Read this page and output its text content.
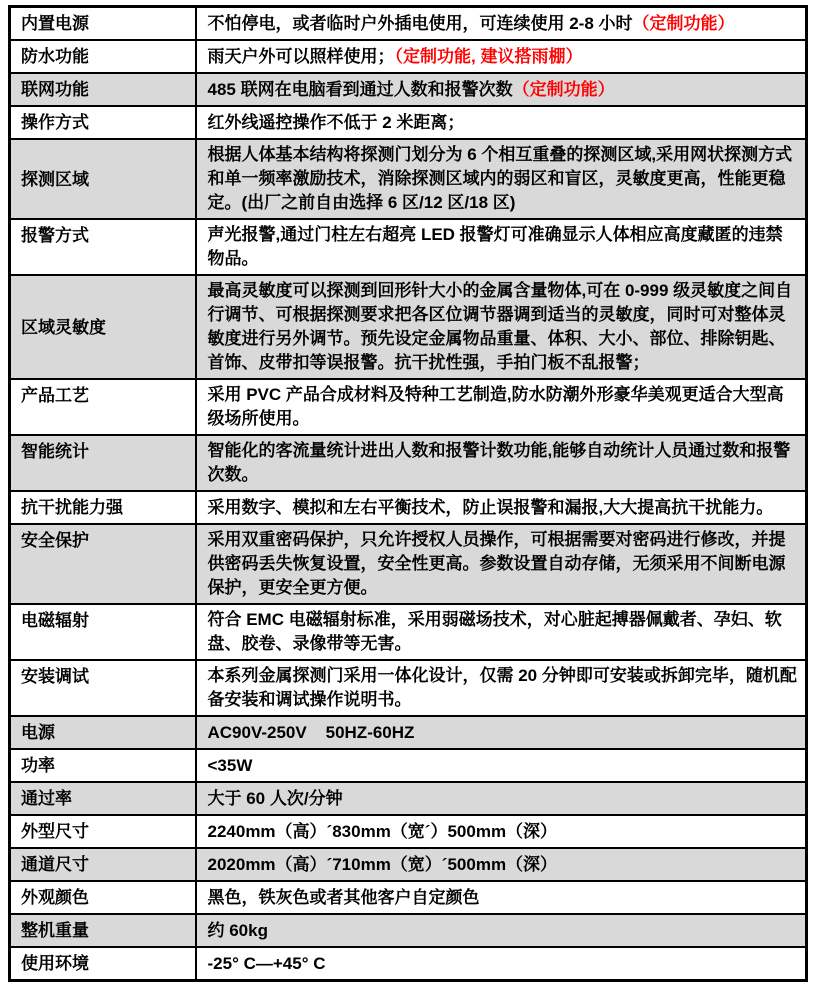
内置电源	不怕停电，或者临时户外插电使用，可连续使用 2-8 小时（定制功能）
防水功能	雨天户外可以照样使用；（定制功能, 建议搭雨棚）
联网功能	485 联网在电脑看到通过人数和报警次数（定制功能）
操作方式	红外线遥控操作不低于 2 米距离；
探测区域	根据人体基本结构将探测门划分为 6 个相互重叠的探测区域,采用网状探测方式和单一频率激励技术，消除探测区域内的弱区和盲区，灵敏度更高，性能更稳定。(出厂之前自由选择 6 区/12 区/18 区)
报警方式	声光报警,通过门柱左右超亮 LED 报警灯可准确显示人体相应高度藏匿的违禁物品。
区域灵敏度	最高灵敏度可以探测到回形针大小的金属含量物体,可在 0-999 级灵敏度之间自行调节、可根据探测要求把各区位调节器调到适当的灵敏度，同时可对整体灵敏度进行另外调节。预先设定金属物品重量、体积、大小、部位、排除钥匙、首饰、皮带扣等误报警。抗干扰性强，手拍门板不乱报警；
产品工艺	采用 PVC 产品合成材料及特种工艺制造,防水防潮外形豪华美观更适合大型高级场所使用。
智能统计	智能化的客流量统计进出人数和报警计数功能,能够自动统计人员通过数和报警次数。
抗干扰能力强	采用数字、模拟和左右平衡技术，防止误报警和漏报,大大提高抗干扰能力。
安全保护	采用双重密码保护，只允许授权人员操作，可根据需要对密码进行修改，并提供密码丢失恢复设置，安全性更高。参数设置自动存储，无须采用不间断电源保护，更安全更方便。
电磁辐射	符合 EMC 电磁辐射标准，采用弱磁场技术，对心脏起搏器佩戴者、孕妇、软盘、胶卷、录像带等无害。
安装调试	本系列金属探测门采用一体化设计，仅需 20 分钟即可安装或拆卸完毕，随机配备安装和调试操作说明书。
电源	AC90V-250V    50HZ-60HZ
功率	<35W
通过率	大于 60 人次/分钟
外型尺寸	2240mm（高）´830mm（宽´）500mm（深）
通道尺寸	2020mm（高）´710mm（宽）´500mm（深）
外观颜色	黑色，铁灰色或者其他客户自定颜色
整机重量	约 60kg
使用环境	-25° C—+45° C
